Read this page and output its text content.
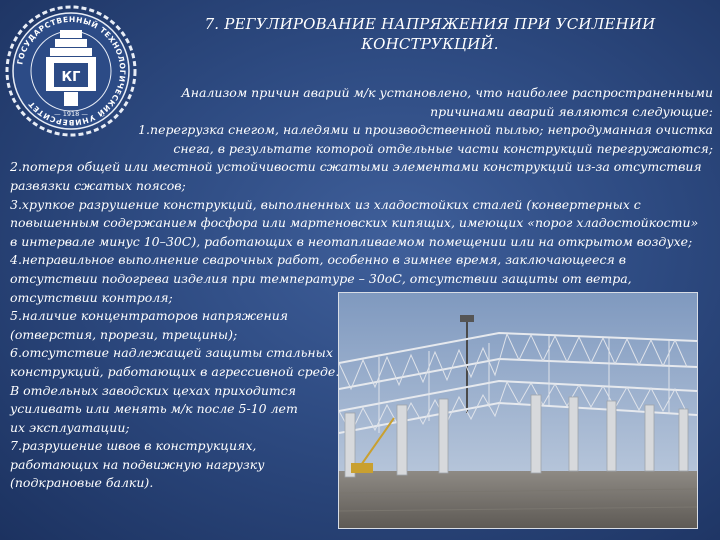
ГОСУДАРСТВЕННЫЙ ТЕХНОЛОГИЧЕСКИЙ УНИВЕРСИТЕТ
КГ
— 1918 —
7. РЕГУЛИРОВАНИЕ НАПРЯЖЕНИЯ ПРИ УСИЛЕНИИ
КОНСТРУКЦИЙ.
Анализом причин аварий м/к установлено, что наиболее распространенными
причинами аварий являются следующие:
1.перегрузка снегом, наледями и производственной пылью; непродуманная очистка
снега, в результате которой отдельные части конструкций перегружаются;
2.потеря общей или местной устойчивости сжатыми элементами конструкций из-за отсутствия
развязки сжатых поясов;
3.хрупкое разрушение конструкций, выполненных из хладостойких сталей (конвертерных с
повышенным содержанием фосфора или мартеновских кипящих, имеющих «порог хладостойкости»
в интервале минус 10–30С), работающих в неотапливаемом помещении или на открытом воздухе;
4.неправильное выполнение сварочных работ, особенно в зимнее время, заключающееся в
отсутствии подогрева изделия при температуре – 30оС, отсутствии защиты от ветра,
отсутствии контроля;
5.наличие концентраторов напряжения
(отверстия, прорези, трещины);
6.отсутствие надлежащей защиты стальных
конструкций, работающих в агрессивной среде.
В отдельных заводских цехах приходится
усиливать или менять м/к после 5-10 лет
их эксплуатации;
7.разрушение швов в конструкциях,
работающих на подвижную нагрузку
(подкрановые балки).
